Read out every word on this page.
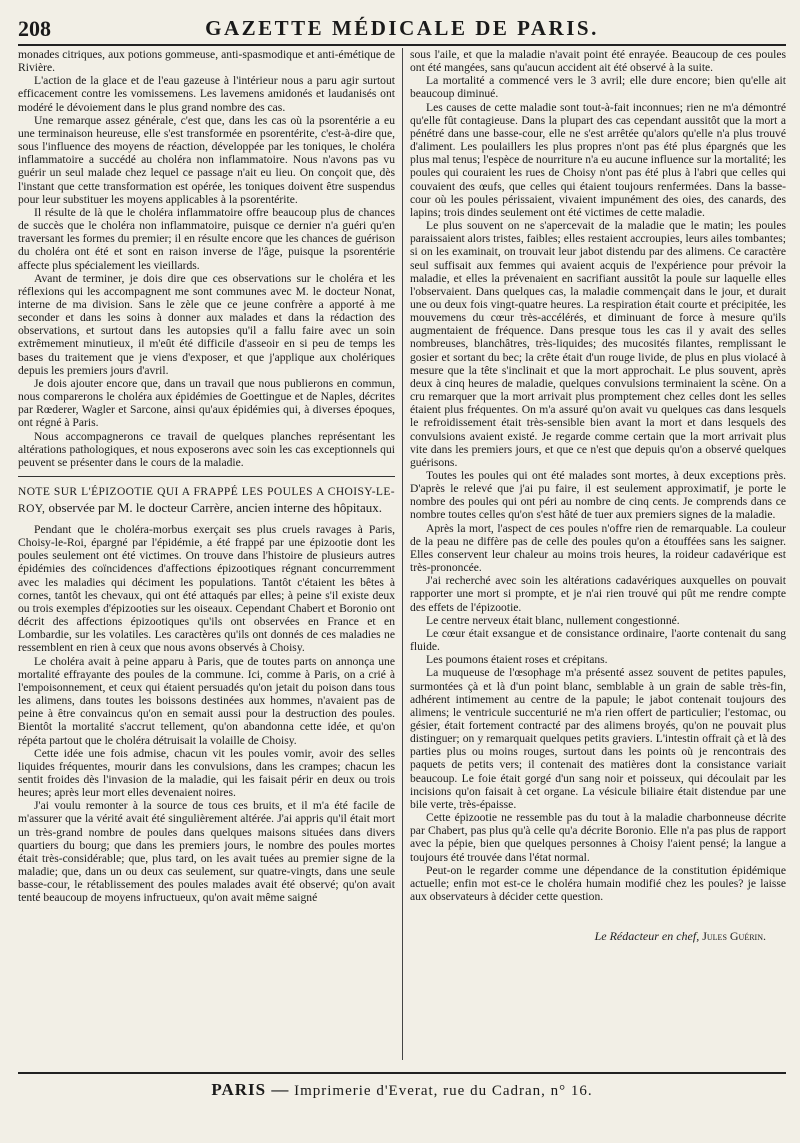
208	GAZETTE MÉDICALE DE PARIS.

monades citriques, aux potions gommeuse, anti-spasmodique et anti-émétique de Rivière.

L'action de la glace et de l'eau gazeuse à l'intérieur nous a paru agir surtout efficacement contre les vomissemens. Les lavemens amidonés et laudanisés ont modéré le dévoiement dans le plus grand nombre des cas.

Une remarque assez générale, c'est que, dans les cas où la psorentérie a eu une terminaison heureuse, elle s'est transformée en psorentérite, c'est-à-dire que, sous l'influence des moyens de réaction, développée par les toniques, le choléra inflammatoire a succédé au choléra non inflammatoire. Nous n'avons pas vu guérir un seul malade chez lequel ce passage n'ait eu lieu. On conçoit que, dès l'instant que cette transformation est opérée, les toniques doivent être suspendus pour leur substituer les moyens applicables à la psorentérite.

Il résulte de là que le choléra inflammatoire offre beaucoup plus de chances de succès que le choléra non inflammatoire, puisque ce dernier n'a guéri qu'en traversant les formes du premier; il en résulte encore que les chances de guérison du choléra ont été et sont en raison inverse de l'âge, puisque la psorentérie affecte plus spécialement les vieillards.

Avant de terminer, je dois dire que ces observations sur le choléra et les réflexions qui les accompagnent me sont communes avec M. le docteur Nonat, interne de ma division. Sans le zèle que ce jeune confrère a apporté à me seconder et dans les soins à donner aux malades et dans la rédaction des observations, et surtout dans les autopsies qu'il a fallu faire avec un soin extrêmement minutieux, il m'eût été difficile d'asseoir en si peu de temps les bases du traitement que je viens d'exposer, et que j'applique aux cholériques depuis les premiers jours d'avril.

Je dois ajouter encore que, dans un travail que nous publierons en commun, nous comparerons le choléra aux épidémies de Goettingue et de Naples, décrites par Rœderer, Wagler et Sarcone, ainsi qu'aux épidémies qui, à diverses époques, ont régné à Paris.

Nous accompagnerons ce travail de quelques planches représentant les altérations pathologiques, et nous exposerons avec soin les cas exceptionnels qui peuvent se présenter dans le cours de la maladie.

NOTE SUR L'ÉPIZOOTIE QUI A FRAPPÉ LES POULES A CHOISY-LE-ROY, observée par M. le docteur Carrère, ancien interne des hôpitaux.

Pendant que le choléra-morbus exerçait ses plus cruels ravages à Paris, Choisy-le-Roi, épargné par l'épidémie, a été frappé par une épizootie dont les poules seulement ont été victimes. On trouve dans l'histoire de plusieurs autres épidémies des coïncidences d'affections épizootiques régnant concurremment avec les maladies qui déciment les populations. Tantôt c'étaient les bêtes à cornes, tantôt les chevaux, qui ont été attaqués par elles; à peine s'il existe deux ou trois exemples d'épizooties sur les oiseaux. Cependant Chabert et Boronio ont décrit des affections épizootiques qu'ils ont observées en France et en Lombardie, sur les volatiles. Les caractères qu'ils ont donnés de ces maladies ne ressemblent en rien à ceux que nous avons observés à Choisy.

Le choléra avait à peine apparu à Paris, que de toutes parts on annonça une mortalité effrayante des poules de la commune. Ici, comme à Paris, on a crié à l'empoisonnement, et ceux qui étaient persuadés qu'on jetait du poison dans tous les alimens, dans toutes les boissons destinées aux hommes, n'avaient pas de peine à être convaincus qu'on en semait aussi pour la destruction des poules. Bientôt la mortalité s'accrut tellement, qu'on abandonna cette idée, et qu'on répéta partout que le choléra détruisait la volaille de Choisy.

Cette idée une fois admise, chacun vit les poules vomir, avoir des selles liquides fréquentes, mourir dans les convulsions, dans les crampes; chacun les sentit froides dès l'invasion de la maladie, qui les faisait périr en deux ou trois heures; après leur mort elles devenaient noires.

J'ai voulu remonter à la source de tous ces bruits, et il m'a été facile de m'assurer que la vérité avait été singulièrement altérée. J'ai appris qu'il était mort un très-grand nombre de poules dans quelques maisons situées dans divers quartiers du bourg; que dans les premiers jours, le nombre des poules mortes était très-considérable; que, plus tard, on les avait tuées au premier signe de la maladie; que, dans un ou deux cas seulement, sur quatre-vingts, dans une seule basse-cour, le rétablissement des poules malades avait été observé; qu'on avait tenté beaucoup de moyens infructueux, qu'on avait même saigné

sous l'aile, et que la maladie n'avait point été enrayée. Beaucoup de ces poules ont été mangées, sans qu'aucun accident ait été observé à la suite.

La mortalité a commencé vers le 3 avril; elle dure encore; bien qu'elle ait beaucoup diminué.

Les causes de cette maladie sont tout-à-fait inconnues; rien ne m'a démontré qu'elle fût contagieuse. Dans la plupart des cas cependant aussitôt que la mort a pénétré dans une basse-cour, elle ne s'est arrêtée qu'alors qu'elle n'a plus trouvé d'aliment. Les poulaillers les plus propres n'ont pas été plus épargnés que les plus mal tenus; l'espèce de nourriture n'a eu aucune influence sur la mortalité; les poules qui couraient les rues de Choisy n'ont pas été plus à l'abri que celles qui couvaient des œufs, que celles qui étaient toujours renfermées. Dans la basse-cour où les poules périssaient, vivaient impunément des oies, des canards, des lapins; trois dindes seulement ont été victimes de cette maladie.

Le plus souvent on ne s'apercevait de la maladie que le matin; les poules paraissaient alors tristes, faibles; elles restaient accroupies, leurs ailes tombantes; si on les examinait, on trouvait leur jabot distendu par des alimens. Ce caractère seul suffisait aux femmes qui avaient acquis de l'expérience pour prévoir la maladie, et elles la prévenaient en sacrifiant aussitôt la poule sur laquelle elles l'observaient. Dans quelques cas, la maladie commençait dans le jour, et durait une ou deux fois vingt-quatre heures. La respiration était courte et précipitée, les mouvemens du cœur très-accélérés, et diminuant de force à mesure qu'ils augmentaient de fréquence. Dans presque tous les cas il y avait des selles nombreuses, blanchâtres, très-liquides; des mucosités filantes, remplissant le gosier et sortant du bec; la crête était d'un rouge livide, de plus en plus violacé à mesure que la tête s'inclinait et que la mort approchait. Le plus souvent, après deux à cinq heures de maladie, quelques convulsions terminaient la scène. On a cru remarquer que la mort arrivait plus promptement chez celles dont les selles étaient plus fréquentes. On m'a assuré qu'on avait vu quelques cas dans lesquels le refroidissement était très-sensible bien avant la mort et dans lesquels des convulsions avaient existé. Je regarde comme certain que la mort arrivait plus vite dans les premiers jours, et que ce n'est que depuis qu'on a observé quelques guérisons.

Toutes les poules qui ont été malades sont mortes, à deux exceptions près. D'après le relevé que j'ai pu faire, il est seulement approximatif, je porte le nombre des poules qui ont péri au nombre de cinq cents. Je comprends dans ce nombre toutes celles qu'on s'est hâté de tuer aux premiers signes de la maladie.

Après la mort, l'aspect de ces poules n'offre rien de remarquable. La couleur de la peau ne diffère pas de celle des poules qu'on a étouffées sans les saigner. Elles conservent leur chaleur au moins trois heures, la roideur cadavérique est très-prononcée.

J'ai recherché avec soin les altérations cadavériques auxquelles on pouvait rapporter une mort si prompte, et je n'ai rien trouvé qui pût me rendre compte des effets de l'épizootie.

Le centre nerveux était blanc, nullement congestionné.

Le cœur était exsangue et de consistance ordinaire, l'aorte contenait du sang fluide.

Les poumons étaient roses et crépitans.

La muqueuse de l'œsophage m'a présenté assez souvent de petites papules, surmontées çà et là d'un point blanc, semblable à un grain de sable très-fin, adhérent intimement au centre de la papule; le jabot contenait toujours des alimens; le ventricule succenturié ne m'a rien offert de particulier; l'estomac, ou gésier, était fortement contracté par des alimens broyés, qu'on ne pouvait plus distinguer; on y remarquait quelques petits graviers. L'intestin offrait çà et là des parties plus ou moins rouges, surtout dans les points où je rencontrais des paquets de petits vers; il contenait des matières dont la consistance variait beaucoup. Le foie était gorgé d'un sang noir et poisseux, qui découlait par les incisions qu'on faisait à cet organe. La vésicule biliaire était distendue par une bile verte, très-épaisse.

Cette épizootie ne ressemble pas du tout à la maladie charbonneuse décrite par Chabert, pas plus qu'à celle qu'a décrite Boronio. Elle n'a pas plus de rapport avec la pépie, bien que quelques personnes à Choisy l'aient pensé; la langue a toujours été trouvée dans l'état normal.

Peut-on le regarder comme une dépendance de la constitution épidémique actuelle; enfin mot est-ce le choléra humain modifié chez les poules? je laisse aux observateurs à décider cette question.

Le Rédacteur en chef, Jules Guérin.
PARIS — Imprimerie d'Everat, rue du Cadran, n° 16.
